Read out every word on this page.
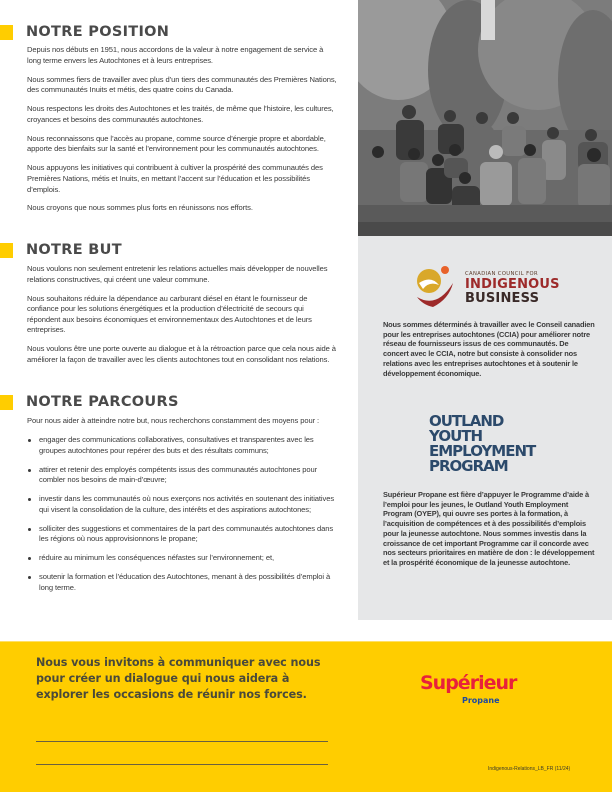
NOTRE POSITION

Depuis nos débuts en 1951, nous accordons de la valeur à notre engagement de service à long terme envers les Autochtones et à leurs entreprises.

Nous sommes fiers de travailler avec plus d’un tiers des communautés des Premières Nations, des communautés Inuits et métis, des quatre coins du Canada.

Nous respectons les droits des Autochtones et les traités, de même que l’histoire, les cultures, croyances et besoins des communautés autochtones.

Nous reconnaissons que l’accès au propane, comme source d’énergie propre et abordable, apporte des bienfaits sur la santé et l’environnement pour les communautés autochtones.

Nous appuyons les initiatives qui contribuent à cultiver la prospérité des communautés des Premières Nations, métis et Inuits, en mettant l’accent sur l’éducation et les possibilités d’emplois.

Nous croyons que nous sommes plus forts en réunissons nos efforts.

NOTRE BUT

Nous voulons non seulement entretenir les relations actuelles mais développer de nouvelles relations constructives, qui créent une valeur commune.

Nous souhaitons réduire la dépendance au carburant diésel en étant le fournisseur de confiance pour les solutions énergétiques et la production d’électricité de secours qui répondent aux besoins économiques et environnementaux des Autochtones et de leurs entreprises.

Nous voulons être une porte ouverte au dialogue et à la rétroaction parce que cela nous aide à améliorer la façon de travailler avec les clients autochtones tout en consolidant nos relations.

NOTRE PARCOURS

Pour nous aider à atteindre notre but, nous recherchons constamment des moyens pour :

engager des communications collaboratives, consultatives et transparentes avec les groupes autochtones pour repérer des buts et des résultats communs;
attirer et retenir des employés compétents issus des communautés autochtones pour combler nos besoins de main-d’œuvre;
investir dans les communautés où nous exerçons nos activités en soutenant des initiatives qui visent la consolidation de la culture, des intérêts et des aspirations autochtones;
solliciter des suggestions et commentaires de la part des communautés autochtones dans les régions où nous approvisionnons le propane;
réduire au minimum les conséquences néfastes sur l’environnement; et,
soutenir la formation et l’éducation des Autochtones, menant à des possibilités d’emploi à long terme.
CANADIAN COUNCIL FOR
INDIGENOUS
BUSINESS
Nous sommes déterminés à travailler avec le Conseil canadien pour les entreprises autochtones (CCIA) pour améliorer notre réseau de fournisseurs issus de ces communautés. De concert avec le CCIA, notre but consiste à consolider nos relations avec les entreprises autochtones et à soutenir le développement économique.
OUTLAND
YOUTH
EMPLOYMENT
PROGRAM
Supérieur Propane est fière d’appuyer le Programme d’aide à l’emploi pour les jeunes, le Outland Youth Employment Program (OYEP), qui ouvre ses portes à la formation, à l’acquisition de compétences et à des possibilités d’emplois pour la jeunesse autochtone. Nous sommes investis dans la croissance de cet important Programme car il concorde avec nos secteurs prioritaires en matière de don : le développement et la prospérité économique de la jeunesse autochtone.
Nous vous invitons à communiquer avec nous pour créer un dialogue qui nous aidera à explorer les occasions de réunir nos forces.
Supérieur
Propane
Indigenous-Relations_LB_FR (11/24)
